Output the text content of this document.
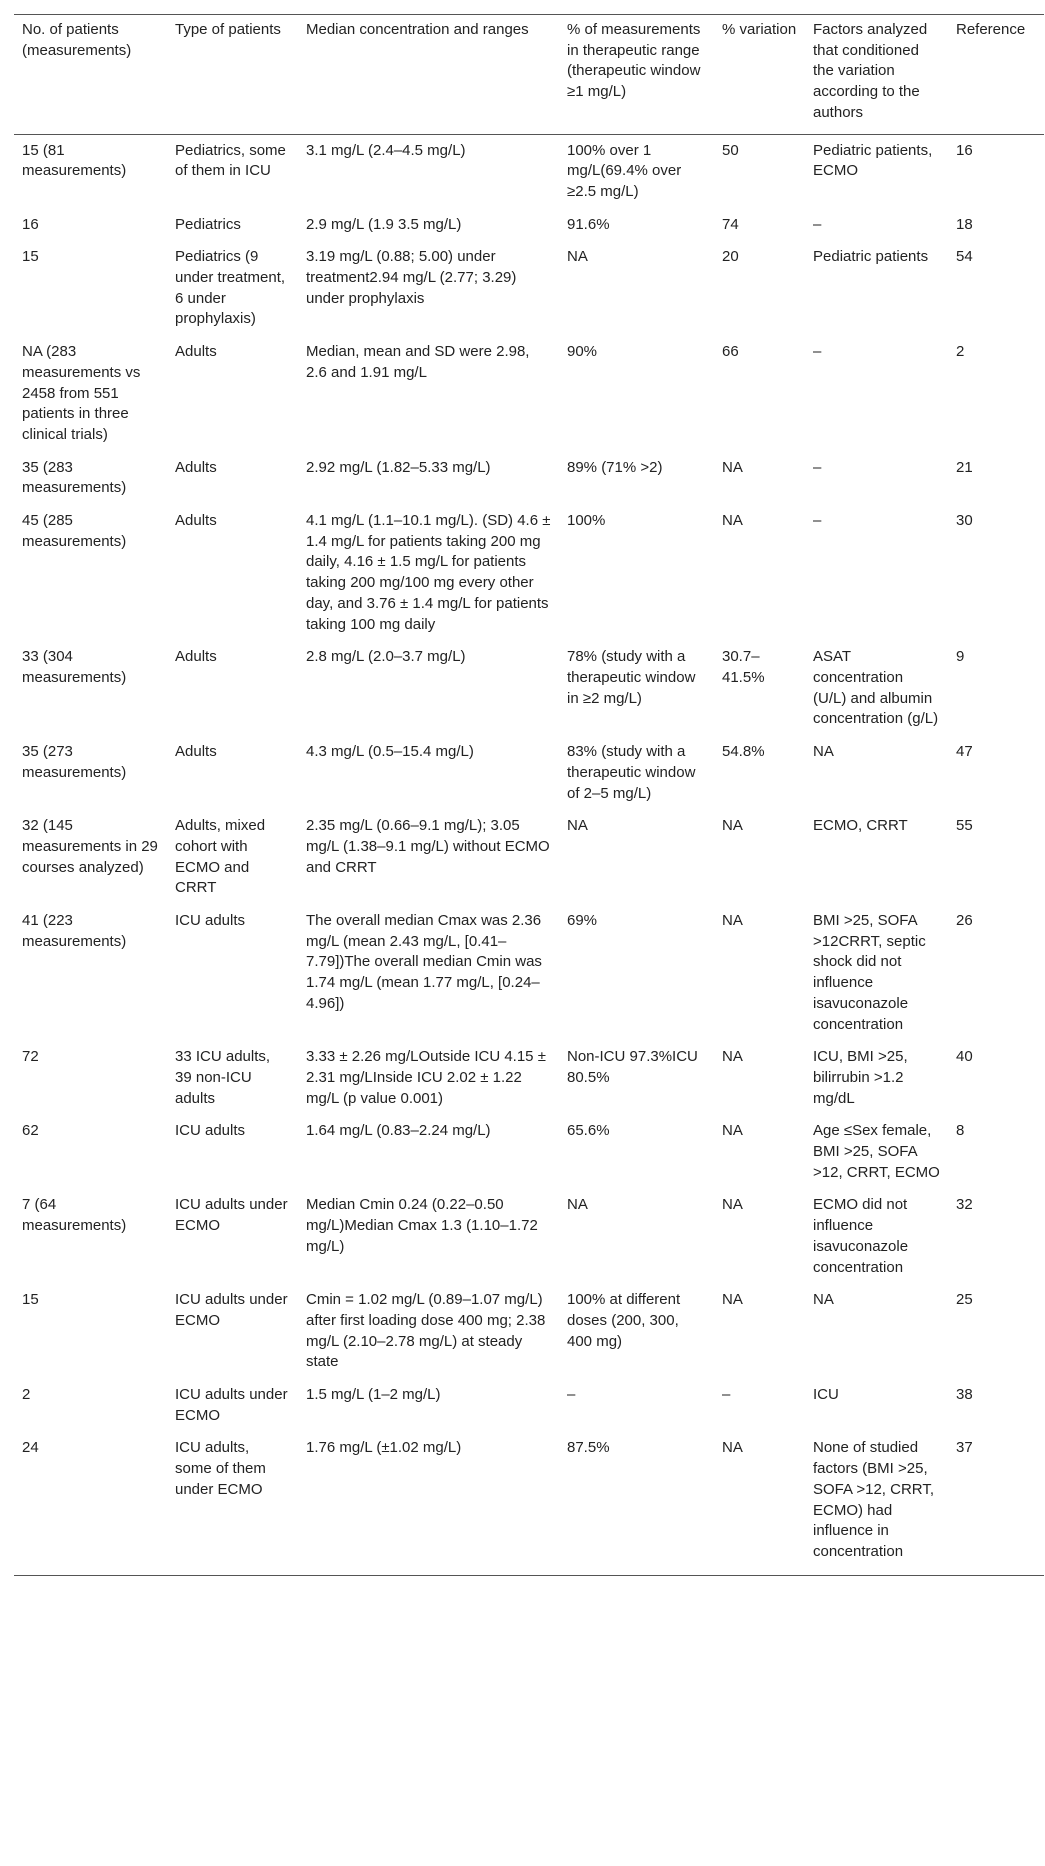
No. of patients (measurements)	Type of patients	Median concentration and ranges	% of measurements in therapeutic range (therapeutic window ≥1 mg/L)	% variation	Factors analyzed that conditioned the variation according to the authors	Reference
15 (81 measurements)	Pediatrics, some of them in ICU	3.1 mg/L (2.4–4.5 mg/L)	100% over 1 mg/L(69.4% over ≥2.5 mg/L)	50	Pediatric patients, ECMO	16
16	Pediatrics	2.9 mg/L (1.9 3.5 mg/L)	91.6%	74	–	18
15	Pediatrics (9 under treatment, 6 under prophylaxis)	3.19 mg/L (0.88; 5.00) under treatment2.94 mg/L (2.77; 3.29) under prophylaxis	NA	20	Pediatric patients	54
NA (283 measurements vs 2458 from 551 patients in three clinical trials)	Adults	Median, mean and SD were 2.98, 2.6 and 1.91 mg/L	90%	66	–	2
35 (283 measurements)	Adults	2.92 mg/L (1.82–5.33 mg/L)	89% (71% >2)	NA	–	21
45 (285 measurements)	Adults	4.1 mg/L (1.1–10.1 mg/L). (SD) 4.6 ± 1.4 mg/L for patients taking 200 mg daily, 4.16 ± 1.5 mg/L for patients taking 200 mg/100 mg every other day, and 3.76 ± 1.4 mg/L for patients taking 100 mg daily	100%	NA	–	30
33 (304 measurements)	Adults	2.8 mg/L (2.0–3.7 mg/L)	78% (study with a therapeutic window in ≥2 mg/L)	30.7–41.5%	ASAT concentration (U/L) and albumin concentration (g/L)	9
35 (273 measurements)	Adults	4.3 mg/L (0.5–15.4 mg/L)	83% (study with a therapeutic window of 2–5 mg/L)	54.8%	NA	47
32 (145 measurements in 29 courses analyzed)	Adults, mixed cohort with ECMO and CRRT	2.35 mg/L (0.66–9.1 mg/L); 3.05 mg/L (1.38–9.1 mg/L) without ECMO and CRRT	NA	NA	ECMO, CRRT	55
41 (223 measurements)	ICU adults	The overall median Cmax was 2.36 mg/L (mean 2.43 mg/L, [0.41–7.79])The overall median Cmin was 1.74 mg/L (mean 1.77 mg/L, [0.24–4.96])	69%	NA	BMI >25, SOFA >12CRRT, septic shock did not influence isavuconazole concentration	26
72	33 ICU adults, 39 non-ICU adults	3.33 ± 2.26 mg/LOutside ICU 4.15 ± 2.31 mg/LInside ICU 2.02 ± 1.22 mg/L (p value 0.001)	Non-ICU 97.3%ICU 80.5%	NA	ICU, BMI >25, bilirrubin >1.2 mg/dL	40
62	ICU adults	1.64 mg/L (0.83–2.24 mg/L)	65.6%	NA	Age ≤Sex female, BMI >25, SOFA >12, CRRT, ECMO	8
7 (64 measurements)	ICU adults under ECMO	Median Cmin 0.24 (0.22–0.50 mg/L)Median Cmax 1.3 (1.10–1.72 mg/L)	NA	NA	ECMO did not influence isavuconazole concentration	32
15	ICU adults under ECMO	Cmin = 1.02 mg/L (0.89–1.07 mg/L) after first loading dose 400 mg; 2.38 mg/L (2.10–2.78 mg/L) at steady state	100% at different doses (200, 300, 400 mg)	NA	NA	25
2	ICU adults under ECMO	1.5 mg/L (1–2 mg/L)	–	–	ICU	38
24	ICU adults, some of them under ECMO	1.76 mg/L (±1.02 mg/L)	87.5%	NA	None of studied factors (BMI >25, SOFA >12, CRRT, ECMO) had influence in concentration	37
